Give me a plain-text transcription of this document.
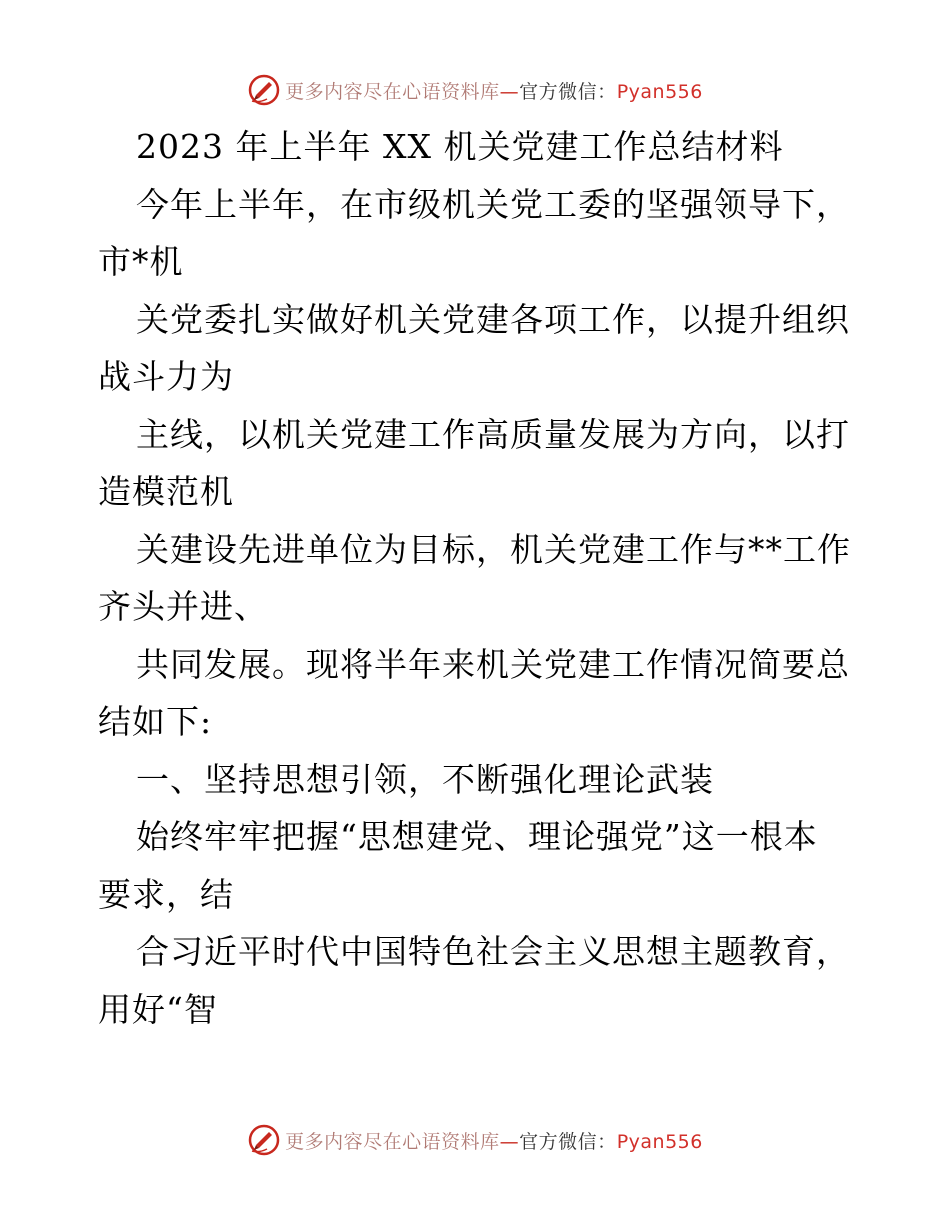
更多内容尽在心语资料库—官方微信：Pyan556
2023 年上半年 XX 机关党建工作总结材料
今年上半年，在市级机关党工委的坚强领导下，
市*机
关党委扎实做好机关党建各项工作，以提升组织
战斗力为
主线，以机关党建工作高质量发展为方向，以打
造模范机
关建设先进单位为目标，机关党建工作与**工作
齐头并进、
共同发展。现将半年来机关党建工作情况简要总
结如下:
一、坚持思想引领，不断强化理论武装
始终牢牢把握“思想建党、理论强党”这一根本
要求，结
合习近平时代中国特色社会主义思想主题教育，
用好“智
更多内容尽在心语资料库—官方微信：Pyan556
